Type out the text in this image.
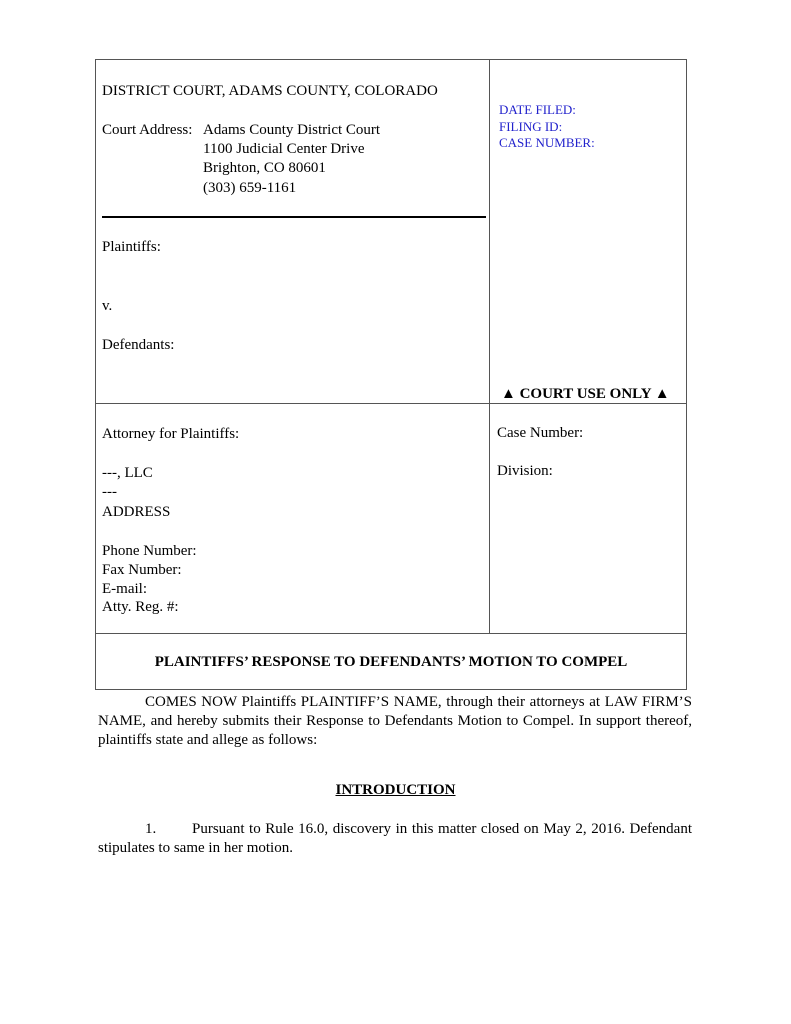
DISTRICT COURT, ADAMS COUNTY, COLORADO
Court Address: Adams County District Court
1100 Judicial Center Drive
Brighton, CO 80601
(303) 659-1161
Plaintiffs:
v.
Defendants:
DATE FILED:
FILING ID:
CASE NUMBER:
▲ COURT USE ONLY ▲
Attorney for Plaintiffs:
---, LLC
---
ADDRESS
Phone Number:
Fax Number:
E-mail:
Atty. Reg. #:
Case Number:
Division:
PLAINTIFFS’ RESPONSE TO DEFENDANTS’ MOTION TO COMPEL
COMES NOW Plaintiffs PLAINTIFF’S NAME, through their attorneys at LAW FIRM’S NAME, and hereby submits their Response to Defendants Motion to Compel. In support thereof, plaintiffs state and allege as follows:
INTRODUCTION
1. Pursuant to Rule 16.0, discovery in this matter closed on May 2, 2016. Defendant stipulates to same in her motion.
